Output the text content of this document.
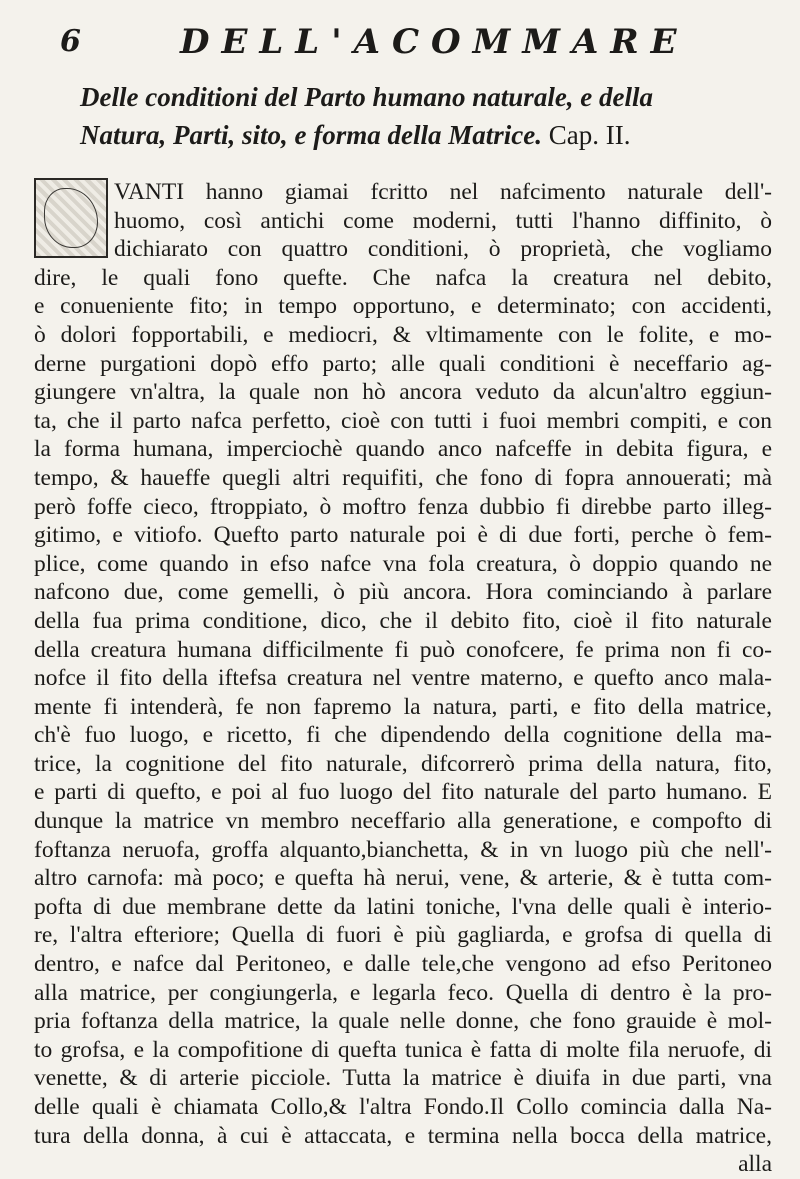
6	DELL'ACOMMARE
Delle conditioni del Parto humano naturale, e della Natura, Parti, sito, e forma della Matrice. Cap. II.
VANTI hanno giamai fcritto nel nafcimento naturale dell'-
huomo, così antichi come moderni, tutti l'hanno diffinito, ò
dichiarato con quattro conditioni, ò proprietà, che vogliamo
dire, le quali fono quefte. Che nafca la creatura nel debito,
e conueniente fito; in tempo opportuno, e determinato; con accidenti,
ò dolori fopportabili, e mediocri, & vltimamente con le folite, e mo-
derne purgationi dopò effo parto; alle quali conditioni è neceffario ag-
giungere vn'altra, la quale non hò ancora veduto da alcun'altro eggiun-
ta, che il parto nafca perfetto, cioè con tutti i fuoi membri compiti, e con
la forma humana, imperciochè quando anco nafceffe in debita figura, e
tempo, & haueffe quegli altri requifiti, che fono di fopra annouerati; mà
però foffe cieco, ftroppiato, ò moftro fenza dubbio fi direbbe parto illeg-
gitimo, e vitiofo. Quefto parto naturale poi è di due forti, perche ò fem-
plice, come quando in efso nafce vna fola creatura, ò doppio quando ne
nafcono due, come gemelli, ò più ancora. Hora cominciando à parlare
della fua prima conditione, dico, che il debito fito, cioè il fito naturale
della creatura humana difficilmente fi può conofcere, fe prima non fi co-
nofce il fito della iftefsa creatura nel ventre materno, e quefto anco mala-
mente fi intenderà, fe non fapremo la natura, parti, e fito della matrice,
ch'è fuo luogo, e ricetto, fi che dipendendo della cognitione della ma-
trice, la cognitione del fito naturale, difcorrerò prima della natura, fito,
e parti di quefto, e poi al fuo luogo del fito naturale del parto humano. E
dunque la matrice vn membro neceffario alla generatione, e compofto di
foftanza neruofa, groffa alquanto,bianchetta, & in vn luogo più che nell'-
altro carnofa: mà poco; e quefta hà nerui, vene, & arterie, & è tutta com-
pofta di due membrane dette da latini toniche, l'vna delle quali è interio-
re, l'altra efteriore; Quella di fuori è più gagliarda, e grofsa di quella di
dentro, e nafce dal Peritoneo, e dalle tele,che vengono ad efso Peritoneo
alla matrice, per congiungerla, e legarla feco. Quella di dentro è la pro-
pria foftanza della matrice, la quale nelle donne, che fono grauide è mol-
to grofsa, e la compofitione di quefta tunica è fatta di molte fila neruofe, di
venette, & di arterie picciole. Tutta la matrice è diuifa in due parti, vna
delle quali è chiamata Collo,& l'altra Fondo.Il Collo comincia dalla Na-
tura della donna, à cui è attaccata, e termina nella bocca della matrice,
alla
